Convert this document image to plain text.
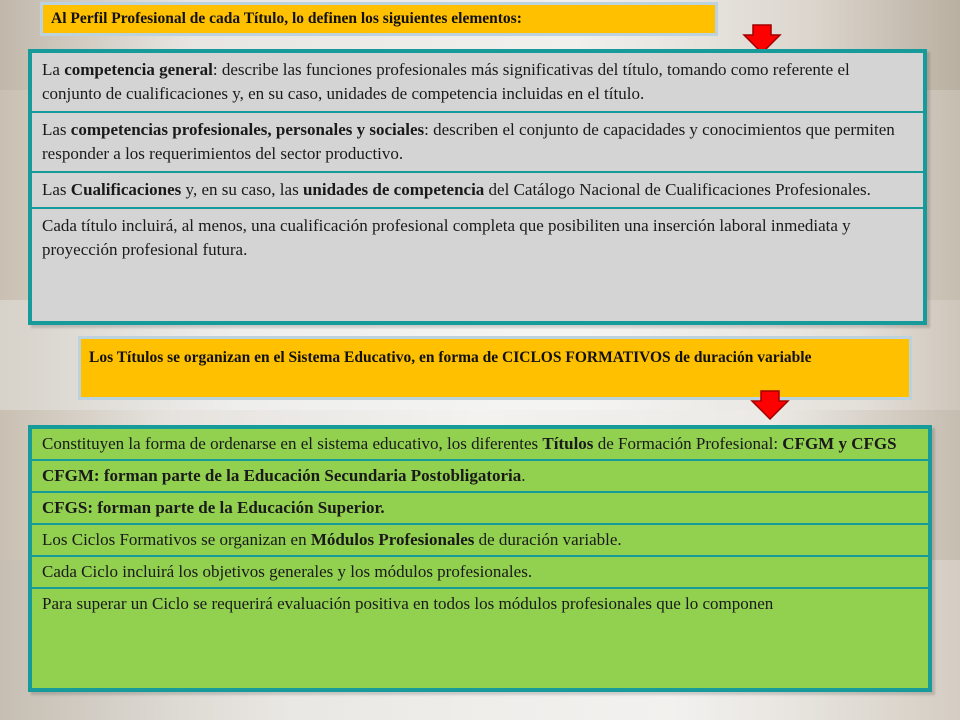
Al Perfil Profesional de cada Título, lo definen los siguientes elementos:
La competencia general: describe las funciones profesionales más significativas del título, tomando como referente el conjunto de cualificaciones y, en su caso, unidades de competencia incluidas en el título.
Las competencias profesionales, personales y sociales: describen el conjunto de capacidades y conocimientos que permiten responder a los requerimientos del sector productivo.
Las Cualificaciones y, en su caso, las unidades de competencia del Catálogo Nacional de Cualificaciones Profesionales.
Cada título incluirá, al menos, una cualificación profesional completa que posibiliten una inserción laboral inmediata y proyección profesional futura.
Los Títulos se organizan en el Sistema Educativo, en forma de CICLOS FORMATIVOS de duración variable
Constituyen la forma de ordenarse en el sistema educativo, los diferentes Títulos de Formación Profesional: CFGM y CFGS
CFGM: forman parte de la Educación Secundaria Postobligatoria.
CFGS: forman parte de la Educación Superior.
Los Ciclos Formativos se organizan en Módulos Profesionales de duración variable.
Cada Ciclo incluirá los objetivos generales y los módulos profesionales.
Para superar un Ciclo se requerirá evaluación positiva en todos los módulos profesionales que lo componen
